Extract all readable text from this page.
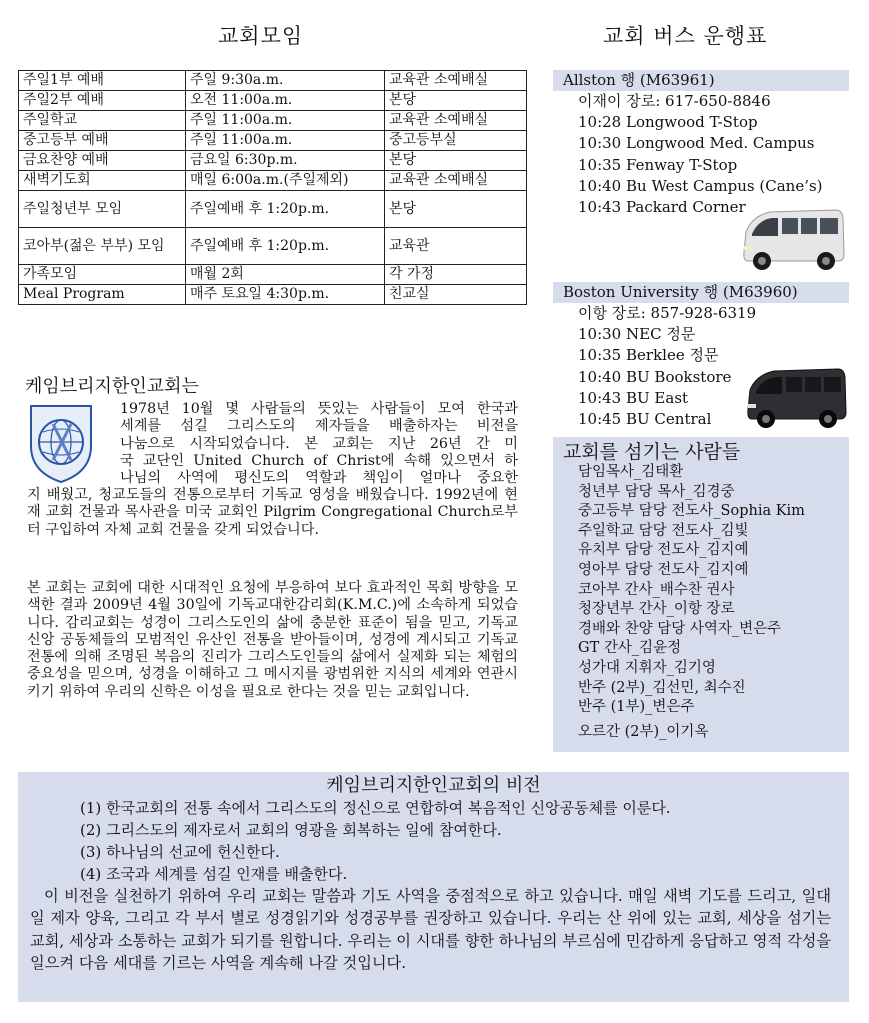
교회모임
주일1부 예배	주일 9:30a.m.	교육관 소예배실
주일2부 예배	오전 11:00a.m.	본당
주일학교	주일 11:00a.m.	교육관 소예배실
중고등부 예배	주일 11:00a.m.	중고등부실
금요찬양 예배	금요일 6:30p.m.	본당
새벽기도회	매일 6:00a.m.(주일제외)	교육관 소예배실
주일청년부 모임	주일예배 후 1:20p.m.	본당
코아부(젊은 부부) 모임	주일예배 후 1:20p.m.	교육관
가족모임	매월 2회	각 가정
Meal Program	매주 토요일 4:30p.m.	친교실
교회 버스 운행표
Allston 행 (M63961)
이재이 장로: 617-650-8846
10:28 Longwood T-Stop
10:30 Longwood Med. Campus
10:35 Fenway T-Stop
10:40 Bu West Campus (Cane’s)
10:43 Packard Corner
Boston University 행 (M63960)
이항 장로: 857-928-6319
10:30 NEC 정문
10:35 Berklee 정문
10:40 BU Bookstore
10:43 BU East
10:45 BU Central
교회를 섬기는 사람들
담임목사_김태환
청년부 담당 목사_김경중
중고등부 담당 전도사_Sophia Kim
주일학교 담당 전도사_김빛
유치부 담당 전도사_김지예
영아부 담당 전도사_김지예
코아부 간사_배수찬 권사
청장년부 간사_이항 장로
경배와 찬양 담당 사역자_변은주
GT 간사_김윤정
성가대 지휘자_김기영
반주 (2부)_김선민, 최수진
반주 (1부)_변은주
오르간 (2부)_이기옥
케임브리지한인교회는
1978년 10월 몇 사람들의 뜻있는 사람들이 모여 한국과
세계를 섬길 그리스도의 제자들을 배출하자는 비전을
나눔으로 시작되었습니다. 본 교회는 지난 26년 간 미
국 교단인 United Church of Christ에 속해 있으면서 하
나님의 사역에 평신도의 역할과 책임이 얼마나 중요한

지 배웠고, 청교도들의 전통으로부터 기독교 영성을 배웠습니다. 1992년에 현재 교회 건물과 목사관을 미국 교회인 Pilgrim Congregational Church로부터 구입하여 자체 교회 건물을 갖게 되었습니다.

본 교회는 교회에 대한 시대적인 요청에 부응하여 보다 효과적인 목회 방향을 모색한 결과 2009년 4월 30일에 기독교대한감리회(K.M.C.)에 소속하게 되었습니다. 감리교회는 성경이 그리스도인의 삶에 충분한 표준이 됨을 믿고, 기독교 신앙 공동체들의 모범적인 유산인 전통을 받아들이며, 성경에 계시되고 기독교 전통에 의해 조명된 복음의 진리가 그리스도인들의 삶에서 실제화 되는 체험의 중요성을 믿으며, 성경을 이해하고 그 메시지를 광범위한 지식의 세계와 연관시키기 위하여 우리의 신학은 이성을 필요로 한다는 것을 믿는 교회입니다.

케임브리지한인교회의 비전
(1) 한국교회의 전통 속에서 그리스도의 정신으로 연합하여 복음적인 신앙공동체를 이룬다.
(2) 그리스도의 제자로서 교회의 영광을 회복하는 일에 참여한다.
(3) 하나님의 선교에 헌신한다.
(4) 조국과 세계를 섬길 인재를 배출한다.

이 비전을 실천하기 위하여 우리 교회는 말씀과 기도 사역을 중점적으로 하고 있습니다. 매일 새벽 기도를 드리고, 일대일 제자 양육, 그리고 각 부서 별로 성경읽기와 성경공부를 권장하고 있습니다. 우리는 산 위에 있는 교회, 세상을 섬기는 교회, 세상과 소통하는 교회가 되기를 원합니다. 우리는 이 시대를 향한 하나님의 부르심에 민감하게 응답하고 영적 각성을 일으켜 다음 세대를 기르는 사역을 계속해 나갈 것입니다.
